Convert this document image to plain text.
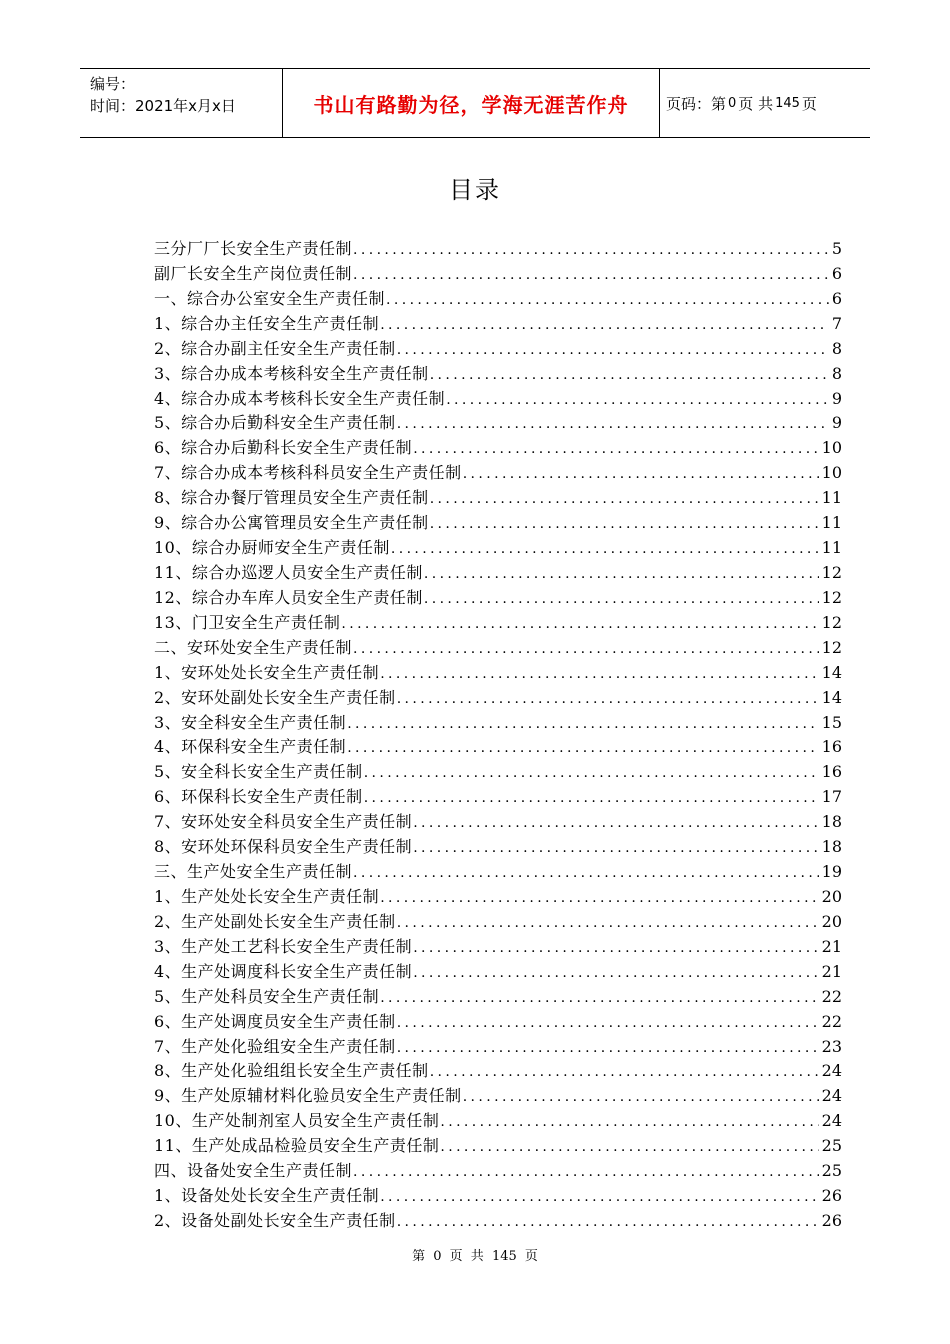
编号：
时间：2021年x月x日	书山有路勤为径，学海无涯苦作舟	页码：第 0 页 共 145 页
目录
三分厂厂长安全生产责任制 .....	5
副厂长安全生产岗位责任制 .....	6
一、综合办公室安全生产责任制 .....	6
1、综合办主任安全生产责任制 .....	7
2、综合办副主任安全生产责任制 .....	8
3、综合办成本考核科安全生产责任制 .....	8
4、综合办成本考核科长安全生产责任制 .....	9
5、综合办后勤科安全生产责任制 .....	9
6、综合办后勤科长安全生产责任制 .....	10
7、综合办成本考核科科员安全生产责任制 .....	10
8、综合办餐厅管理员安全生产责任制 .....	11
9、综合办公寓管理员安全生产责任制 .....	11
10、综合办厨师安全生产责任制 .....	11
11、综合办巡逻人员安全生产责任制 .....	12
12、综合办车库人员安全生产责任制 .....	12
13、门卫安全生产责任制 .....	12
二、安环处安全生产责任制 .....	12
1、安环处处长安全生产责任制 .....	14
2、安环处副处长安全生产责任制 .....	14
3、安全科安全生产责任制 .....	15
4、环保科安全生产责任制 .....	16
5、安全科长安全生产责任制 .....	16
6、环保科长安全生产责任制 .....	17
7、安环处安全科员安全生产责任制 .....	18
8、安环处环保科员安全生产责任制 .....	18
三、生产处安全生产责任制 .....	19
1、生产处处长安全生产责任制 .....	20
2、生产处副处长安全生产责任制 .....	20
3、生产处工艺科长安全生产责任制 .....	21
4、生产处调度科长安全生产责任制 .....	21
5、生产处科员安全生产责任制 .....	22
6、生产处调度员安全生产责任制 .....	22
7、生产处化验组安全生产责任制 .....	23
8、生产处化验组组长安全生产责任制 .....	24
9、生产处原辅材料化验员安全生产责任制 .....	24
10、生产处制剂室人员安全生产责任制 .....	24
11、生产处成品检验员安全生产责任制 .....	25
四、设备处安全生产责任制 .....	25
1、设备处处长安全生产责任制 .....	26
2、设备处副处长安全生产责任制 .....	26
第 0 页 共 145 页
